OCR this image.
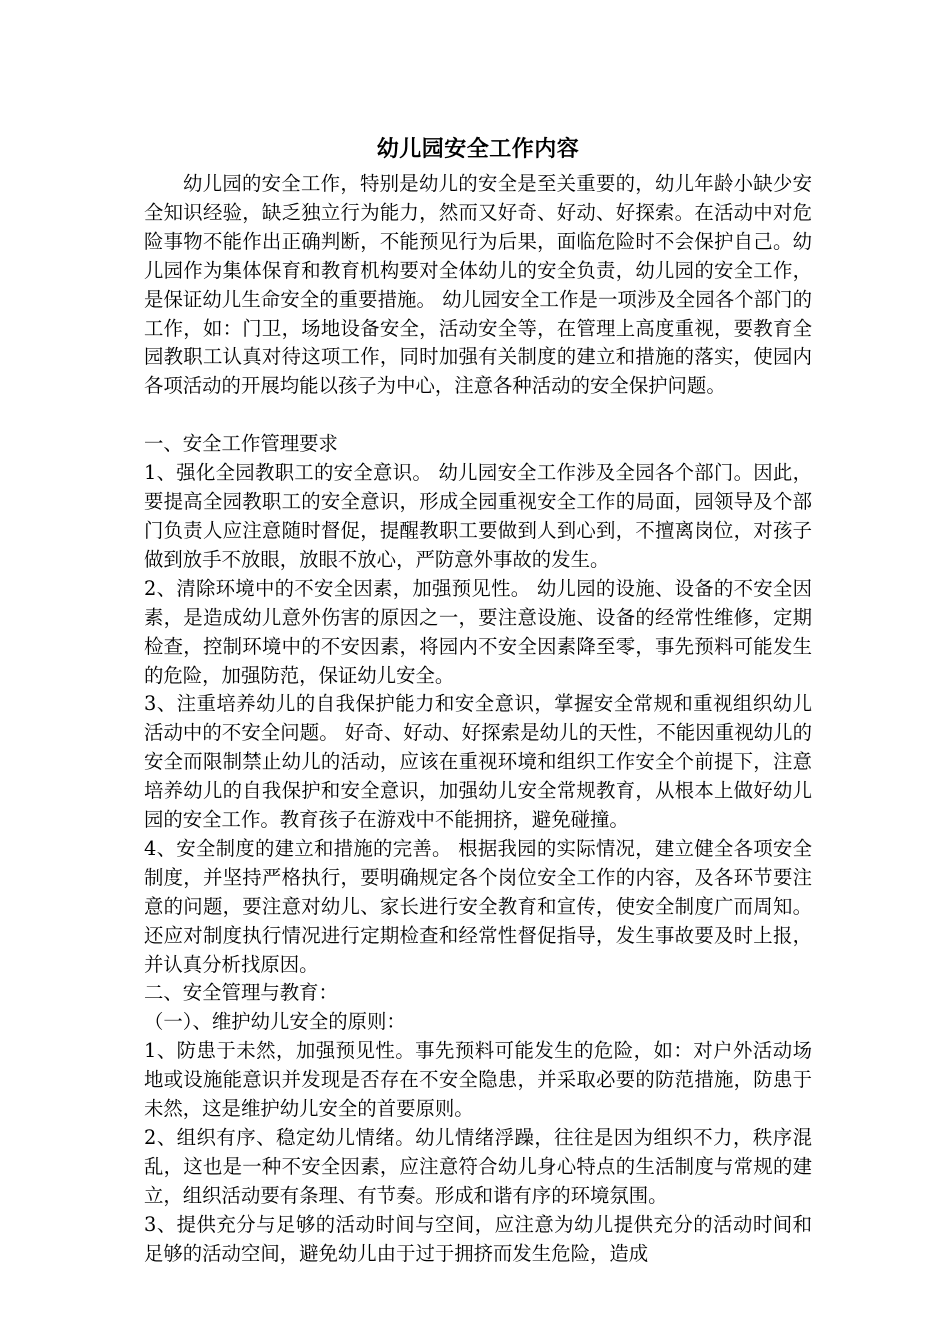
幼儿园安全工作内容

幼儿园的安全工作，特别是幼儿的安全是至关重要的，幼儿年龄小缺少安全知识经验，缺乏独立行为能力，然而又好奇、好动、好探索。在活动中对危险事物不能作出正确判断，不能预见行为后果，面临危险时不会保护自己。幼儿园作为集体保育和教育机构要对全体幼儿的安全负责，幼儿园的安全工作，是保证幼儿生命安全的重要措施。 幼儿园安全工作是一项涉及全园各个部门的工作，如：门卫，场地设备安全，活动安全等，在管理上高度重视，要教育全园教职工认真对待这项工作，同时加强有关制度的建立和措施的落实，使园内各项活动的开展均能以孩子为中心，注意各种活动的安全保护问题。

一、安全工作管理要求

1、强化全园教职工的安全意识。 幼儿园安全工作涉及全园各个部门。因此，要提高全园教职工的安全意识，形成全园重视安全工作的局面，园领导及个部门负责人应注意随时督促，提醒教职工要做到人到心到，不擅离岗位，对孩子做到放手不放眼，放眼不放心，严防意外事故的发生。

2、清除环境中的不安全因素，加强预见性。 幼儿园的设施、设备的不安全因素，是造成幼儿意外伤害的原因之一，要注意设施、设备的经常性维修，定期检查，控制环境中的不安因素，将园内不安全因素降至零，事先预料可能发生的危险，加强防范，保证幼儿安全。

3、注重培养幼儿的自我保护能力和安全意识，掌握安全常规和重视组织幼儿活动中的不安全问题。 好奇、好动、好探索是幼儿的天性，不能因重视幼儿的安全而限制禁止幼儿的活动，应该在重视环境和组织工作安全个前提下，注意培养幼儿的自我保护和安全意识，加强幼儿安全常规教育，从根本上做好幼儿园的安全工作。教育孩子在游戏中不能拥挤，避免碰撞。

4、安全制度的建立和措施的完善。 根据我园的实际情况，建立健全各项安全制度，并坚持严格执行，要明确规定各个岗位安全工作的内容，及各环节要注意的问题，要注意对幼儿、家长进行安全教育和宣传，使安全制度广而周知。还应对制度执行情况进行定期检查和经常性督促指导，发生事故要及时上报，并认真分析找原因。

二、安全管理与教育：

（一）、维护幼儿安全的原则：

1、防患于未然，加强预见性。事先预料可能发生的危险，如：对户外活动场地或设施能意识并发现是否存在不安全隐患，并采取必要的防范措施，防患于未然，这是维护幼儿安全的首要原则。

2、组织有序、稳定幼儿情绪。幼儿情绪浮躁，往往是因为组织不力，秩序混乱，这也是一种不安全因素，应注意符合幼儿身心特点的生活制度与常规的建立，组织活动要有条理、有节奏。形成和谐有序的环境氛围。

3、提供充分与足够的活动时间与空间，应注意为幼儿提供充分的活动时间和足够的活动空间，避免幼儿由于过于拥挤而发生危险，造成
